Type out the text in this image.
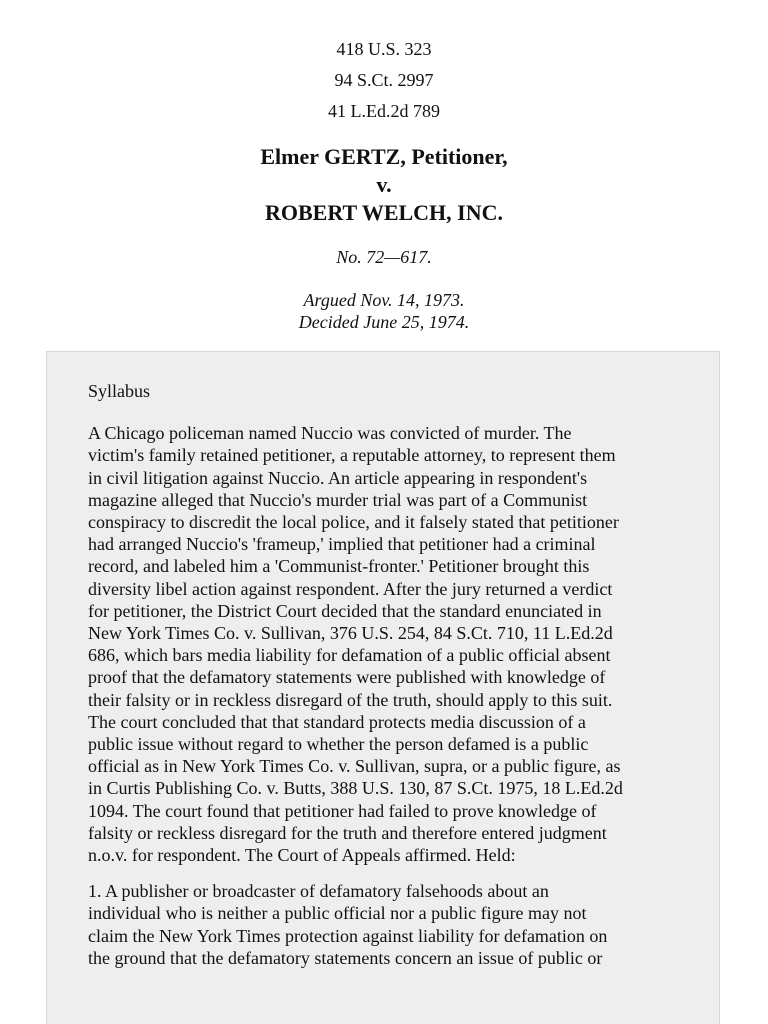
418 U.S. 323
94 S.Ct. 2997
41 L.Ed.2d 789
Elmer GERTZ, Petitioner,
v.
ROBERT WELCH, INC.
No. 72—617.
Argued Nov. 14, 1973.
Decided June 25, 1974.
Syllabus
A Chicago policeman named Nuccio was convicted of murder. The
victim's family retained petitioner, a reputable attorney, to represent them
in civil litigation against Nuccio. An article appearing in respondent's
magazine alleged that Nuccio's murder trial was part of a Communist
conspiracy to discredit the local police, and it falsely stated that petitioner
had arranged Nuccio's 'frameup,' implied that petitioner had a criminal
record, and labeled him a 'Communist-fronter.' Petitioner brought this
diversity libel action against respondent. After the jury returned a verdict
for petitioner, the District Court decided that the standard enunciated in
New York Times Co. v. Sullivan, 376 U.S. 254, 84 S.Ct. 710, 11 L.Ed.2d
686, which bars media liability for defamation of a public official absent
proof that the defamatory statements were published with knowledge of
their falsity or in reckless disregard of the truth, should apply to this suit.
The court concluded that that standard protects media discussion of a
public issue without regard to whether the person defamed is a public
official as in New York Times Co. v. Sullivan, supra, or a public figure, as
in Curtis Publishing Co. v. Butts, 388 U.S. 130, 87 S.Ct. 1975, 18 L.Ed.2d
1094. The court found that petitioner had failed to prove knowledge of
falsity or reckless disregard for the truth and therefore entered judgment
n.o.v. for respondent. The Court of Appeals affirmed. Held:
1. A publisher or broadcaster of defamatory falsehoods about an
individual who is neither a public official nor a public figure may not
claim the New York Times protection against liability for defamation on
the ground that the defamatory statements concern an issue of public or
